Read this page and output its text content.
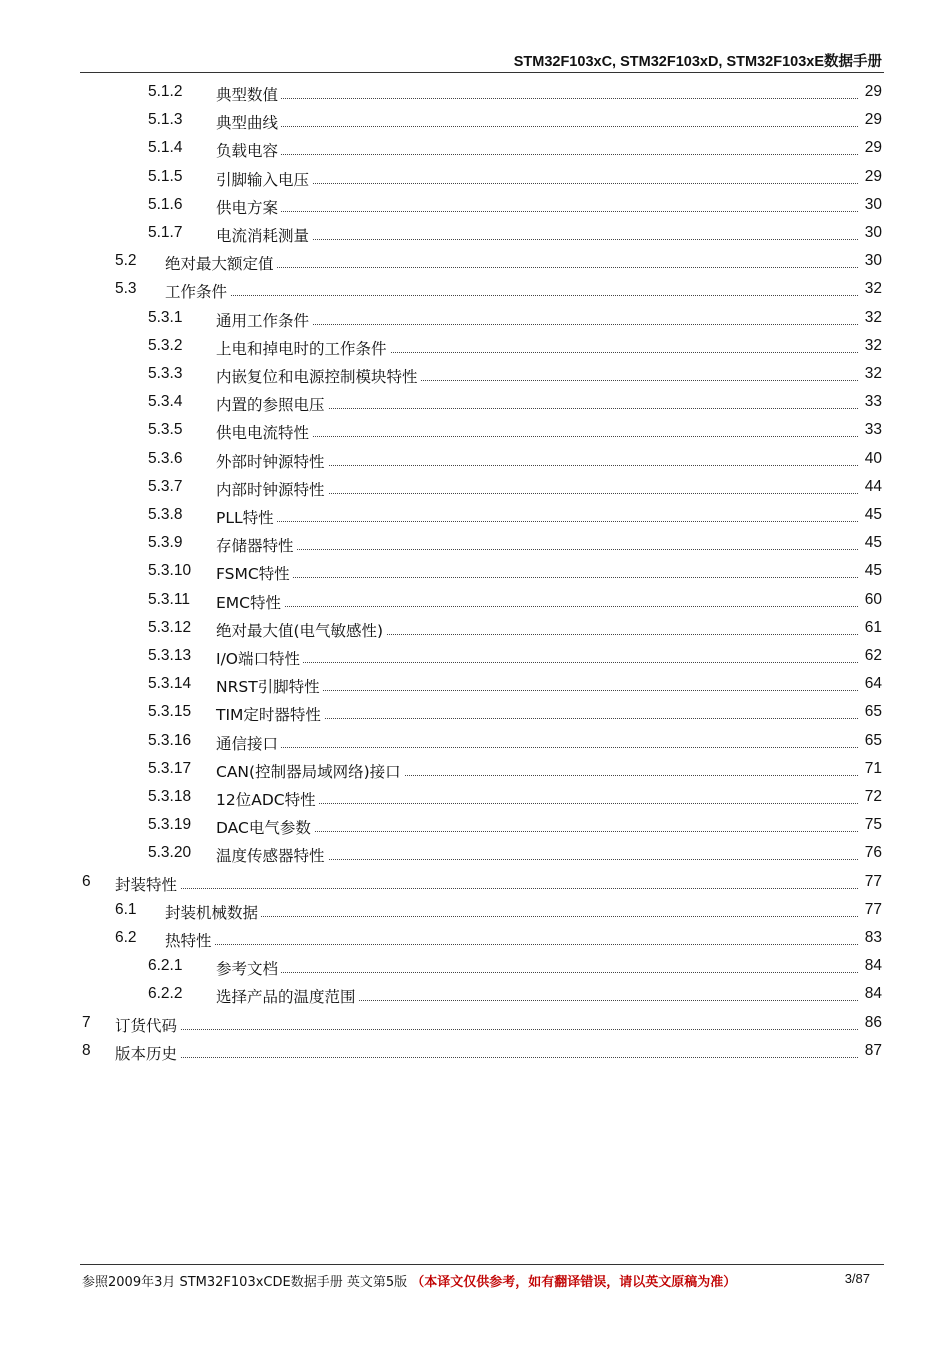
STM32F103xC, STM32F103xD, STM32F103xE数据手册
5.1.2 典型数值	29
5.1.3 典型曲线	29
5.1.4 负载电容	29
5.1.5 引脚输入电压	29
5.1.6 供电方案	30
5.1.7 电流消耗测量	30
5.2 绝对最大额定值	30
5.3 工作条件	32
5.3.1 通用工作条件	32
5.3.2 上电和掉电时的工作条件	32
5.3.3 内嵌复位和电源控制模块特性	32
5.3.4 内置的参照电压	33
5.3.5 供电电流特性	33
5.3.6 外部时钟源特性	40
5.3.7 内部时钟源特性	44
5.3.8 PLL特性	45
5.3.9 存储器特性	45
5.3.10 FSMC特性	45
5.3.11 EMC特性	60
5.3.12 绝对最大值(电气敏感性)	61
5.3.13 I/O端口特性	62
5.3.14 NRST引脚特性	64
5.3.15 TIM定时器特性	65
5.3.16 通信接口	65
5.3.17 CAN(控制器局域网络)接口	71
5.3.18 12位ADC特性	72
5.3.19 DAC电气参数	75
5.3.20 温度传感器特性	76
6 封装特性	77
6.1 封装机械数据	77
6.2 热特性	83
6.2.1 参考文档	84
6.2.2 选择产品的温度范围	84
7 订货代码	86
8 版本历史	87
参照2009年3月 STM32F103xCDE数据手册 英文第5版 （本译文仅供参考，如有翻译错误，请以英文原稿为准）	3/87
